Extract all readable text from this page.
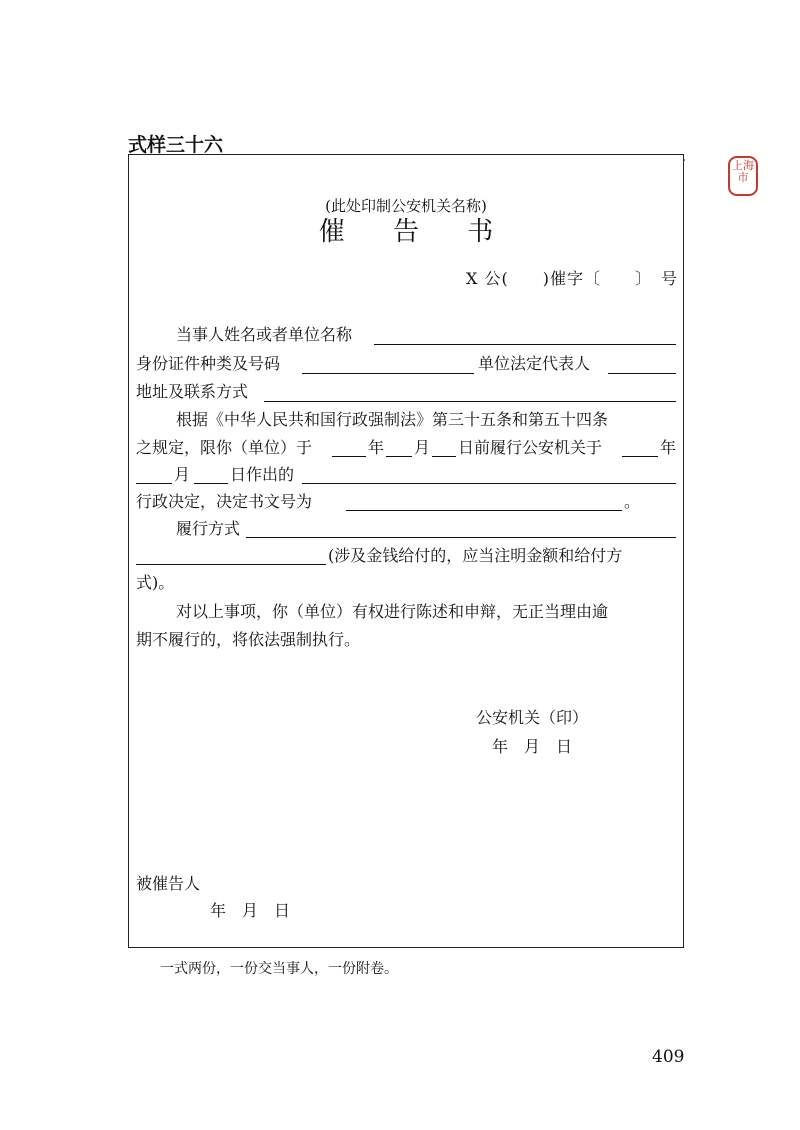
式样三十六
上海市
(此处印制公安机关名称)
催 告 书
X 公(　　)催字〔　　〕　号
当事人姓名或者单位名称
身份证件种类及号码	单位法定代表人
地址及联系方式
根据《中华人民共和国行政强制法》第三十五条和第五十四条
之规定，限你（单位）于	年 月 日前履行公安机关于	年
月 日作出的
行政决定，决定书文号为	。
履行方式
(涉及金钱给付的，应当注明金额和给付方
式)。
对以上事项，你（单位）有权进行陈述和申辩，无正当理由逾
期不履行的，将依法强制执行。
公安机关（印）
年　月　日
被催告人
年　月　日
一式两份，一份交当事人，一份附卷。
409
